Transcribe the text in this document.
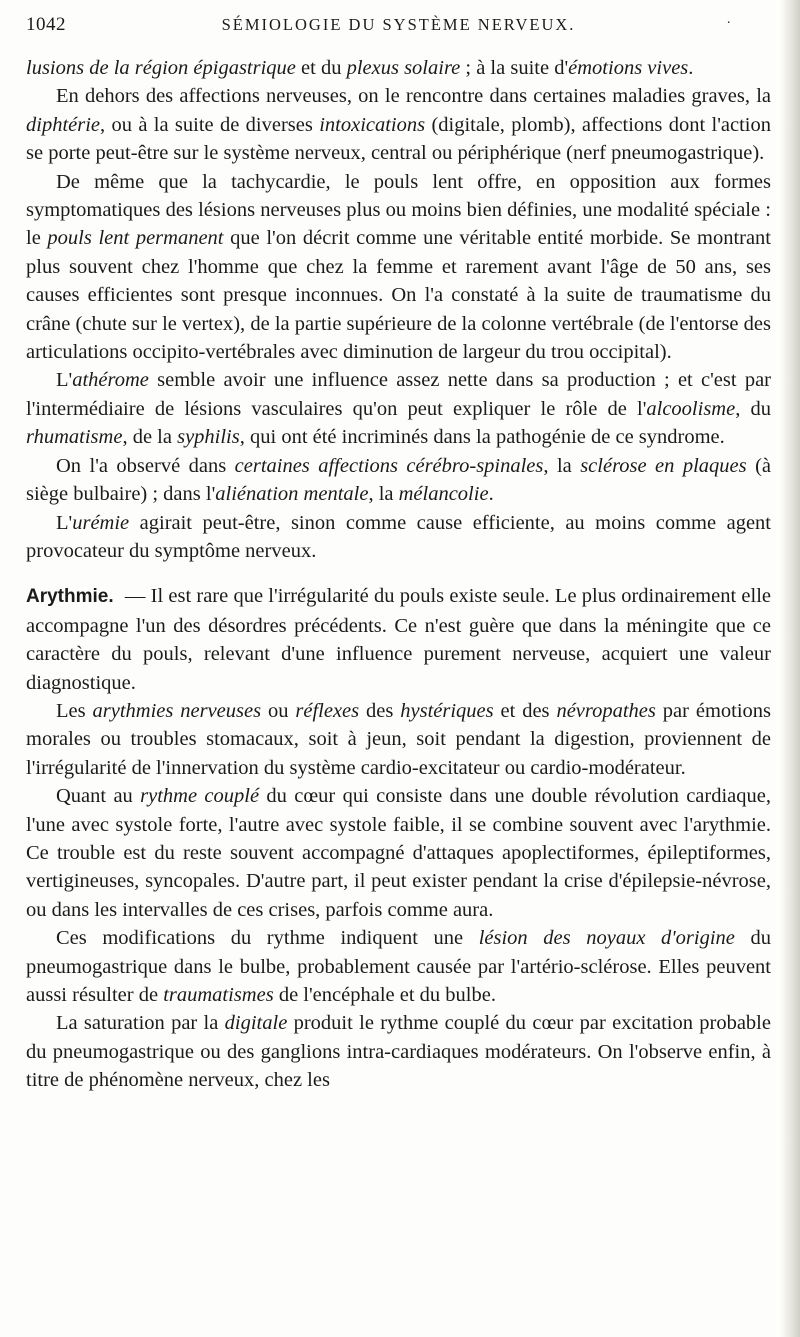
1042	SÉMIOLOGIE DU SYSTÈME NERVEUX.	·

lusions de la région épigastrique et du plexus solaire ; à la suite d'émotions vives.

En dehors des affections nerveuses, on le rencontre dans certaines maladies graves, la diphtérie, ou à la suite de diverses intoxications (digitale, plomb), affections dont l'action se porte peut-être sur le système nerveux, central ou périphérique (nerf pneumogastrique).

De même que la tachycardie, le pouls lent offre, en opposition aux formes symptomatiques des lésions nerveuses plus ou moins bien définies, une modalité spéciale : le pouls lent permanent que l'on décrit comme une véritable entité morbide. Se montrant plus souvent chez l'homme que chez la femme et rarement avant l'âge de 50 ans, ses causes efficientes sont presque inconnues. On l'a constaté à la suite de traumatisme du crâne (chute sur le vertex), de la partie supérieure de la colonne vertébrale (de l'entorse des articulations occipito-vertébrales avec diminution de largeur du trou occipital).

L'athérome semble avoir une influence assez nette dans sa production ; et c'est par l'intermédiaire de lésions vasculaires qu'on peut expliquer le rôle de l'alcoolisme, du rhumatisme, de la syphilis, qui ont été incriminés dans la pathogénie de ce syndrome.

On l'a observé dans certaines affections cérébro-spinales, la sclérose en plaques (à siège bulbaire) ; dans l'aliénation mentale, la mélancolie.

L'urémie agirait peut-être, sinon comme cause efficiente, au moins comme agent provocateur du symptôme nerveux.

Arythmie. — Il est rare que l'irrégularité du pouls existe seule. Le plus ordinairement elle accompagne l'un des désordres précédents. Ce n'est guère que dans la méningite que ce caractère du pouls, relevant d'une influence purement nerveuse, acquiert une valeur diagnostique.

Les arythmies nerveuses ou réflexes des hystériques et des névropathes par émotions morales ou troubles stomacaux, soit à jeun, soit pendant la digestion, proviennent de l'irrégularité de l'innervation du système cardio-excitateur ou cardio-modérateur.

Quant au rythme couplé du cœur qui consiste dans une double révolution cardiaque, l'une avec systole forte, l'autre avec systole faible, il se combine souvent avec l'arythmie. Ce trouble est du reste souvent accompagné d'attaques apoplectiformes, épileptiformes, vertigineuses, syncopales. D'autre part, il peut exister pendant la crise d'épilepsie-névrose, ou dans les intervalles de ces crises, parfois comme aura.

Ces modifications du rythme indiquent une lésion des noyaux d'origine du pneumogastrique dans le bulbe, probablement causée par l'artério-sclérose. Elles peuvent aussi résulter de traumatismes de l'encéphale et du bulbe.

La saturation par la digitale produit le rythme couplé du cœur par excitation probable du pneumogastrique ou des ganglions intra-cardiaques modérateurs. On l'observe enfin, à titre de phénomène nerveux, chez les
